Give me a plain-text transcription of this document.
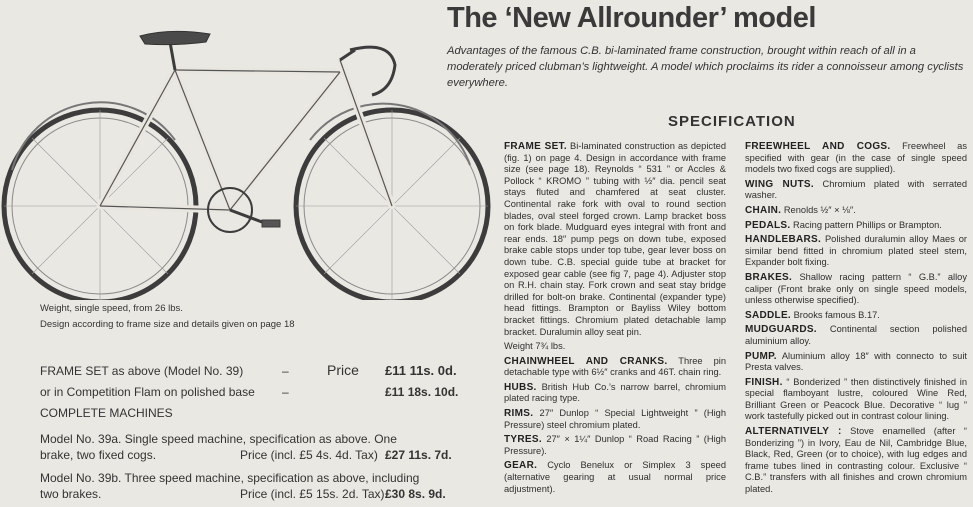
Weight, single speed, from 26 lbs.
Design according to frame size and details given on page 18
The ‘New Allrounder’ model
Advantages of the famous C.B. bi-laminated frame construction, brought within reach of all in a moderately priced clubman’s lightweight. A model which proclaims its rider a connoisseur among cyclists everywhere.
SPECIFICATION

FRAME SET. Bi-laminated construction as depicted (fig. 1) on page 4. Design in accordance with frame size (see page 18). Reynolds “ 531 ” or Accles & Pollock “ KROMO ” tubing with ½″ dia. pencil seat stays fluted and chamfered at seat cluster. Continental rake fork with oval to round section blades, oval steel forged crown. Lamp bracket boss on fork blade. Mudguard eyes integral with front and rear ends. 18″ pump pegs on down tube, exposed brake cable stops under top tube, gear lever boss on down tube. C.B. special guide tube at bracket for exposed gear cable (see fig 7, page 4). Adjuster stop on R.H. chain stay. Fork crown and seat stay bridge drilled for bolt-on brake. Continental (expander type) head fittings. Brampton or Bayliss Wiley bottom bracket fittings. Chromium plated detachable lamp bracket. Duralumin alloy seat pin.

Weight 7¾ lbs.

CHAINWHEEL AND CRANKS. Three pin detachable type with 6½″ cranks and 46T. chain ring.

HUBS. British Hub Co.’s narrow barrel, chromium plated racing type.

RIMS. 27″ Dunlop “ Special Lightweight ” (High Pressure) steel chromium plated.

TYRES. 27″ × 1¼″ Dunlop “ Road Racing ” (High Pressure).

GEAR. Cyclo Benelux or Simplex 3 speed (alternative gearing at usual normal price adjustment).

FREEWHEEL AND COGS. Freewheel as specified with gear (in the case of single speed models two fixed cogs are supplied).

WING NUTS. Chromium plated with serrated washer.

CHAIN. Renolds ½″ × ⅛″.

PEDALS. Racing pattern Phillips or Brampton.

HANDLEBARS. Polished duralumin alloy Maes or similar bend fitted in chromium plated steel stem, Expander bolt fixing.

BRAKES. Shallow racing pattern “ G.B.” alloy caliper (Front brake only on single speed models, unless otherwise specified).

SADDLE. Brooks famous B.17.

MUDGUARDS. Continental section polished aluminium alloy.

PUMP. Aluminium alloy 18″ with connecto to suit Presta valves.

FINISH. “ Bonderized ” then distinctively finished in special flamboyant lustre, coloured Wine Red, Brilliant Green or Peacock Blue. Decorative “ lug ” work tastefully picked out in contrast colour lining.

ALTERNATIVELY : Stove enamelled (after “ Bonderizing ”) in Ivory, Eau de Nil, Cambridge Blue, Black, Red, Green (or to choice), with lug edges and frame tubes lined in contrasting colour. Exclusive “ C.B.” transfers with all finishes and crown chromium plated.

FRAME SET as above (Model No. 39)	–	Price £11 11s. 0d.
or in Competition Flam on polished base –	£11 18s. 10d.
COMPLETE MACHINES
Model No. 39a. Single speed machine, specification as above. One
brake, two fixed cogs.	Price (incl. £5 4s. 4d. Tax) £27 11s. 7d.
Model No. 39b. Three speed machine, specification as above, including
two brakes.	Price (incl. £5 15s. 2d. Tax) £30 8s. 9d.
